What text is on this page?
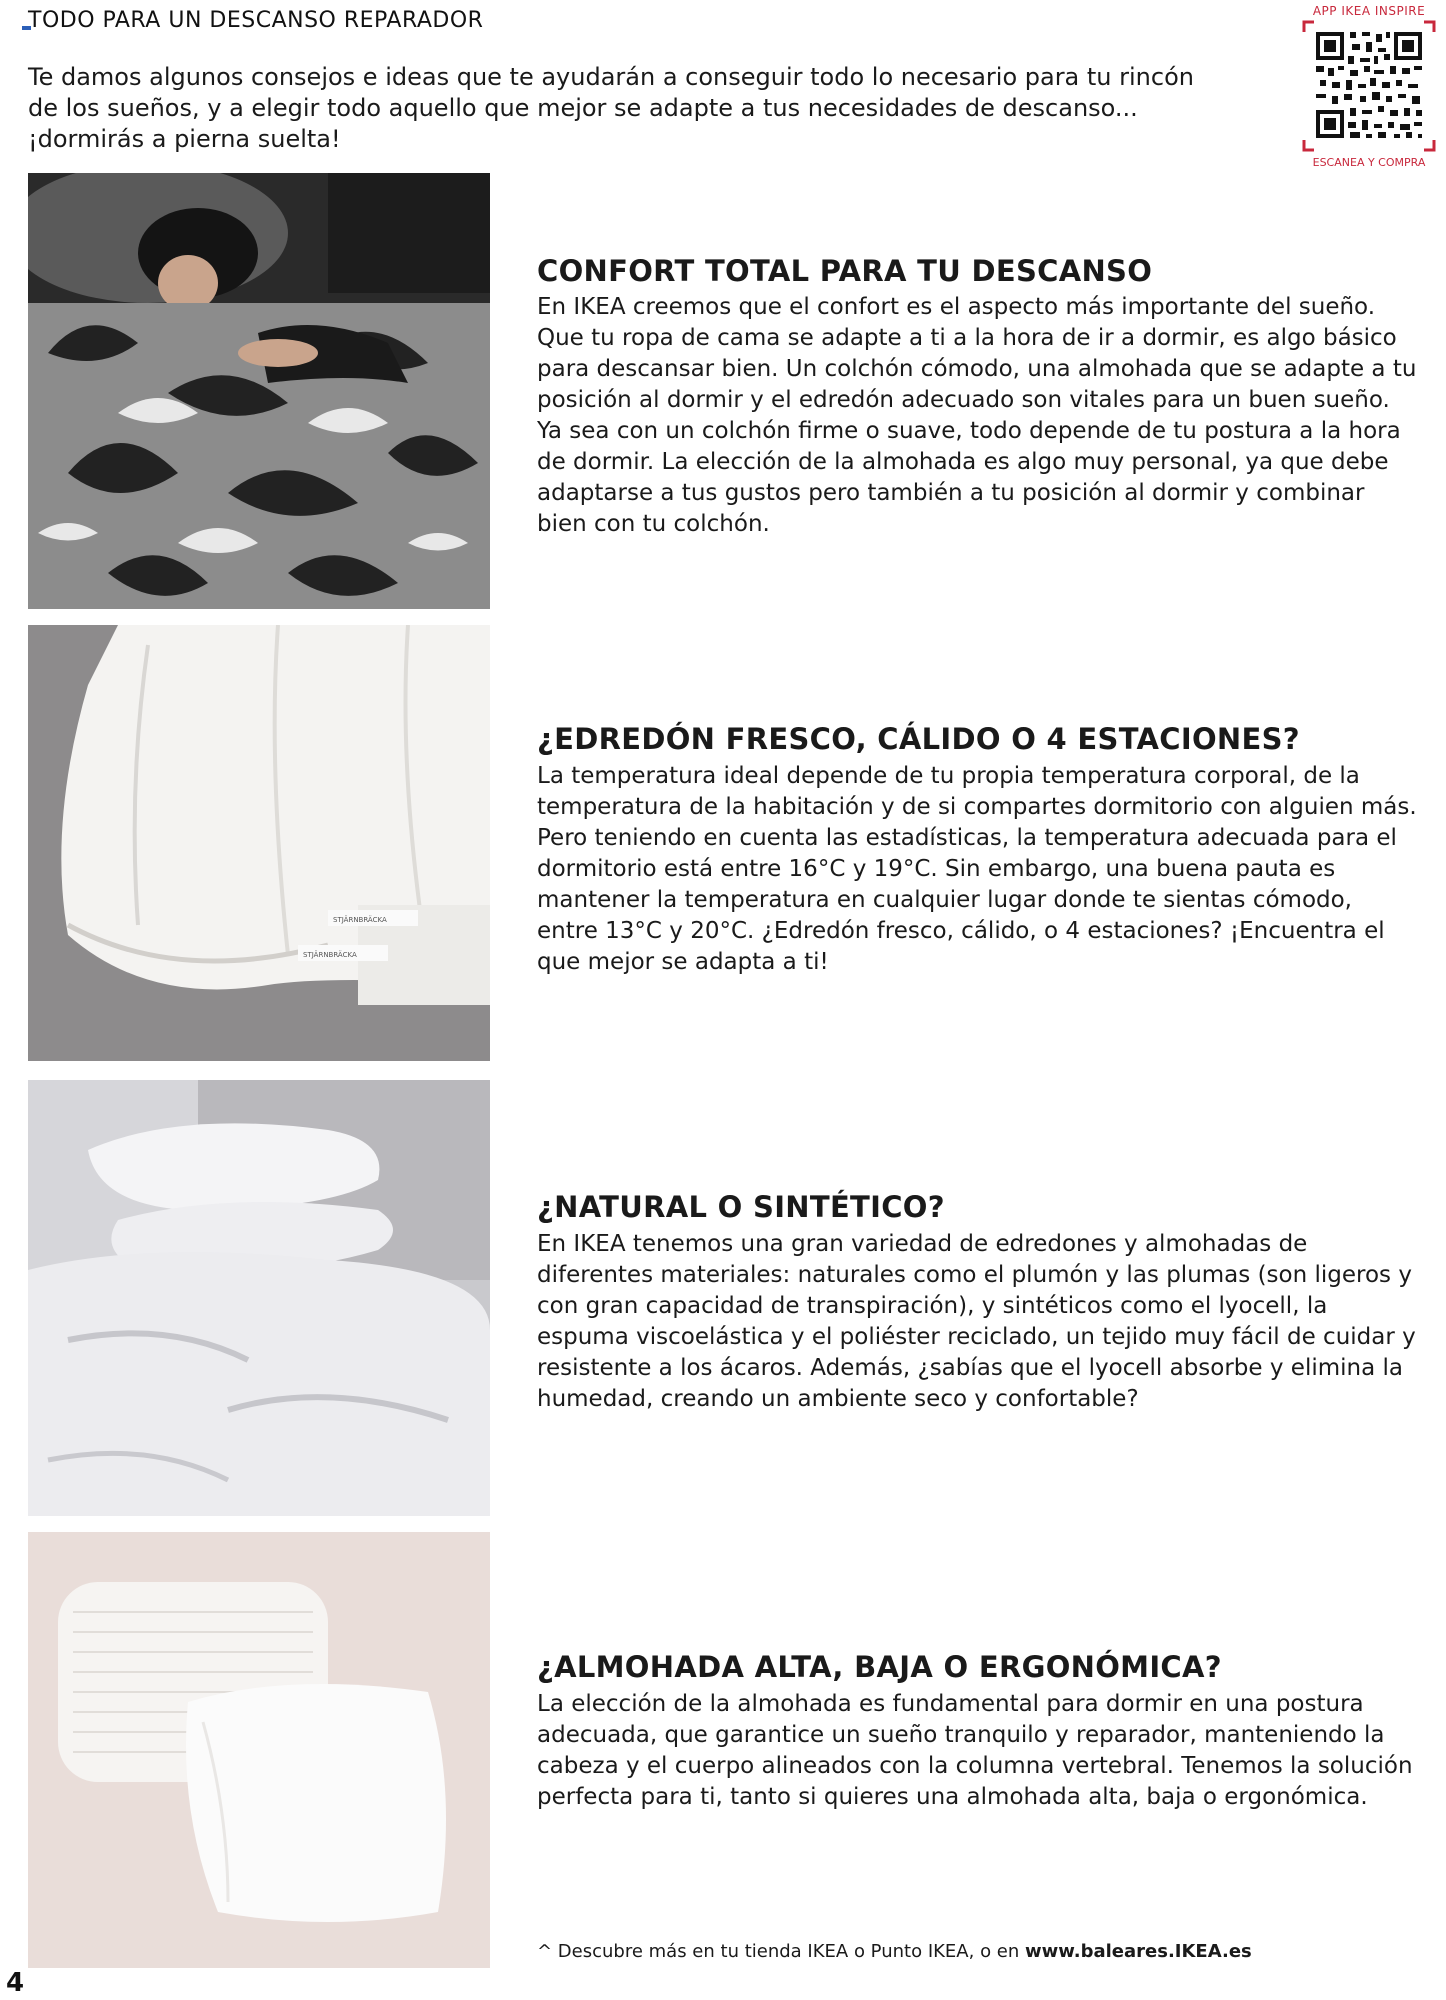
TODO PARA UN DESCANSO REPARADOR

Te damos algunos consejos e ideas que te ayudarán a conseguir todo lo necesario para tu rincón de los sueños, y a elegir todo aquello que mejor se adapte a tus necesidades de descanso... ¡dormirás a pierna suelta!

APP IKEA INSPIRE
ESCANEA Y COMPRA
CONFORT TOTAL PARA TU DESCANSO

En IKEA creemos que el confort es el aspecto más importante del sueño. Que tu ropa de cama se adapte a ti a la hora de ir a dormir, es algo básico para descansar bien. Un colchón cómodo, una almohada que se adapte a tu posición al dormir y el edredón adecuado son vitales para un buen sueño. Ya sea con un colchón firme o suave, todo depende de tu postura a la hora de dormir. La elección de la almohada es algo muy personal, ya que debe adaptarse a tus gustos pero también a tu posición al dormir y combinar bien con tu colchón.

STJÄRNBRÄCKA
STJÄRNBRÄCKA
¿EDREDÓN FRESCO, CÁLIDO O 4 ESTACIONES?

La temperatura ideal depende de tu propia temperatura corporal, de la temperatura de la habitación y de si compartes dormitorio con alguien más. Pero teniendo en cuenta las estadísticas, la temperatura adecuada para el dormitorio está entre 16°C y 19°C. Sin embargo, una buena pauta es mantener la temperatura en cualquier lugar donde te sientas cómodo, entre 13°C y 20°C. ¿Edredón fresco, cálido, o 4 estaciones? ¡Encuentra el que mejor se adapta a ti!

¿NATURAL O SINTÉTICO?

En IKEA tenemos una gran variedad de edredones y almohadas de diferentes materiales: naturales como el plumón y las plumas (son ligeros y con gran capacidad de transpiración), y sintéticos como el lyocell, la espuma viscoelástica y el poliéster reciclado, un tejido muy fácil de cuidar y resistente a los ácaros. Además, ¿sabías que el lyocell absorbe y elimina la humedad, creando un ambiente seco y confortable?

¿ALMOHADA ALTA, BAJA O ERGONÓMICA?

La elección de la almohada es fundamental para dormir en una postura adecuada, que garantice un sueño tranquilo y reparador, manteniendo la cabeza y el cuerpo alineados con la columna vertebral. Tenemos la solución perfecta para ti, tanto si quieres una almohada alta, baja o ergonómica.

^ Descubre más en tu tienda IKEA o Punto IKEA, o en www.baleares.IKEA.es
4
